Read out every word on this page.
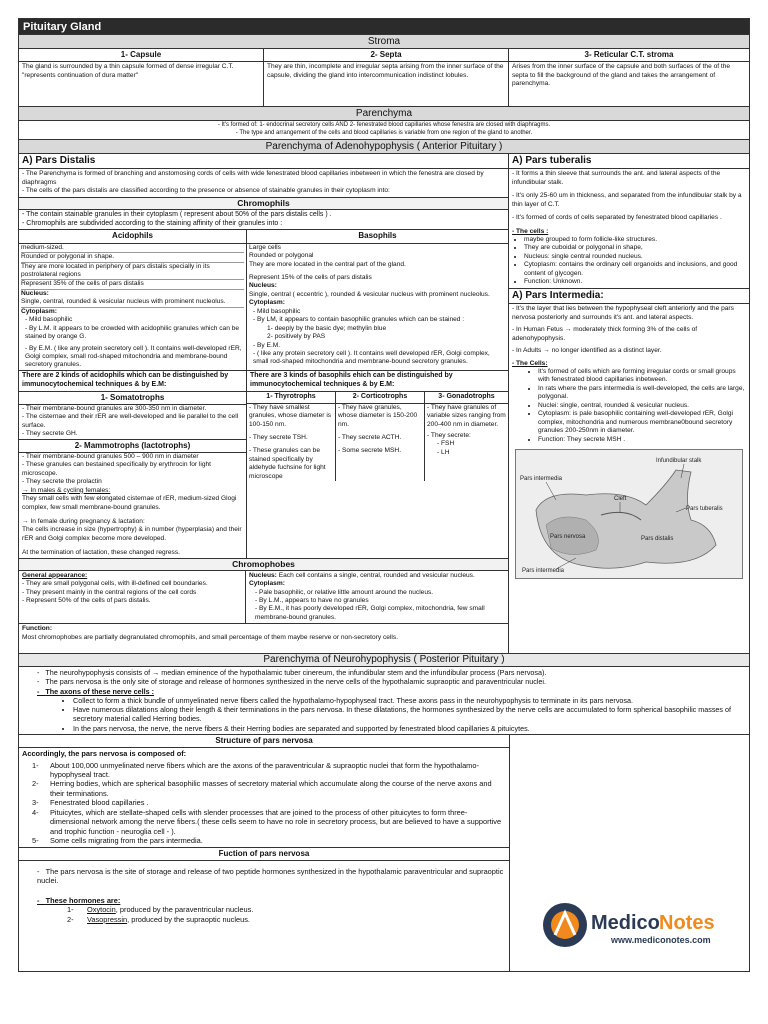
Pituitary Gland
Stroma
1- Capsule
The gland is surrounded by a thin capsule formed of dense irregular C.T. "represents continuation of dura matter"
2- Septa
They are thin, incomplete and irregular septa arising from the inner surface of the capsule, dividing the gland into intercommunication indistinct lobules.
3- Reticular C.T. stroma
Arises from the inner surface of the capsule and both surfaces of the of the septa to fill the background of the gland and takes the arrangement of parenchyma.
Parenchyma
- It's formed of: 1- endocrinal secretory cells AND 2- fenestrated blood capillaries whose fenestra are closed with diaphragms.
- The type and arrangement of the cells and blood capillaries is variable from one region of the gland to another.
Parenchyma of Adenohypophysis ( Anterior Pituitary )
A) Pars Distalis
- The Parenchyma is formed of branching and anstomosing cords of cells with wide fenestrated blood capillaries inbetween in which the fenestra are closed by diaphragms
- The cells of the pars distalis are classified according to the presence or absence of stainable granules in their cytoplasm into:
Chromophils
- The contain stainable granules in their cytoplasm ( represent about 50% of the pars distalis cells ) .
- Chromophils are subdivided according to the staining affinity of their granules into :
Acidophils
medium-sized.
Rounded or polygonal in shape.
They are more located in periphery of pars distalis specially in its postrolateral regions
Represent 35% of the cells of pars distalis
Nucleus:
Single, central, rounded & vesicular nucleus with prominent nucleolus.
Cytoplasm:
- Mild basophilic
- By L.M. it appears to be crowded with acidophilic granules which can be stained by orange G.
- By E.M. ( like any protein secretory cell ). It contains well-developed rER, Golgi complex, small rod-shaped mitochondria and membrane-bound secretory granules.
Basophils
Large cells
Rounded or polygonal
They are more located in the central part of the gland.
Represent 15% of the cells of pars distalis
Nucleus:
Single, central ( eccentric ), rounded & vesicular nucleus with prominent nucleolus.
Cytoplasm:
- Mild basophilic
- By LM, it appears to contain basophilic granules which can be stained :
1- deeply by the basic dye; methylin blue
2- positively by PAS
- By E.M.
- ( like any protein secretory cell ). It contains well developed rER, Golgi complex, small rod-shaped mitochondria and membrane-bound secretory granules.
There are 2 kinds of acidophils which can be distinguished by immunocytochemical techniques & by E.M:
1- Somatotrophs
- Their membrane-bound granules are 300-350 nm in diameter.
- The cisternae and their rER are well-developed and lie parallel to the cell surface.
- They secrete GH.
2- Mammotrophs (lactotrophs)
- Their membrane-bound granules 500 – 900 nm in diameter
- These granules can bestained specifically by erythrocin for light microscope.
- They secrete the prolactin
→ In males & cycling females:
They small cells with few elongated cisternae of rER, medium-sized Glogi complex, few small membrane-bound granules.
→ In female during pregnancy & lactation:
The cells increase in size (hypertrophy) & in number (hyperplasia) and their rER and Golgi complex become more developed.
At the termination of lactation, these changed regress.
There are 3 kinds of basophils ehich can be distinguished by immunocytochemical techniques & by E.M:
1- Thyrotrophs
- They have smallest granules, whose diameter is 100-150 nm.
- They secrete TSH.
- These granules can be stained specifically by aldehyde fuchsine for light microscope
2- Corticotrophs
- They have granules, whose diameter is 150-200 nm.
- They secrete ACTH.
- Some secrete MSH.
3- Gonadotrophs
- They have granules of variable sizes ranging from 200-400 nm in diameter.
- They secrete:
- FSH
- LH
Chromophobes
General appearance:
- They are small polygonal cells, with ill-defined cell boundaries.
- They present mainly in the central regions of the cell cords
- Represent 50% of the cells of pars distalis.
Nucleus: Each cell contains a single, central, rounded and vesicular nucleus.
Cytoplasm:
- Pale basophilic, or relative little amount around the nucleus.
- By L.M., appears to have no granules
- By E.M., it has poorly developed rER, Golgi complex, mitochondria, few small membrane-bound granules.
Function:
Most chromophobes are partially degranulated chromophils, and small percentage of them maybe reserve or non-secretory cells.
A) Pars tuberalis
- It forms a thin sleeve that surrounds the ant. and lateral aspects of the infundibular stalk.
- It's only 25-60 um in thickness, and separated from the infundibular stalk by a thin layer of C.T.
- It's formed of cords of cells separated by fenestrated blood capillaries .
- The cells :
• maybe grouped to form follicle-like structures.
• They are cuboidal or polygonal in shape,
• Nucleus: single central rounded nucleus.
• Cytoplasm: contains the ordinary cell organoids and inclusions, and good content of glycogen.
• Function: Unknown.
A) Pars Intermedia:
- It's the layer that lies between the hypophyseal cleft anteriorly and the pars nervosa posteriorly and surrounds it's ant. and lateral aspects.
- In Human Fetus → moderately thick forming 3% of the cells of adenohypophysis.
- In Adults → no longer identified as a distinct layer.
- The Cells:
• It's formed of cells which are forming irregular cords or small groups with fenestrated blood capillaries inbetween.
• In rats where the pars intermedia is well-developed, the cells are large, polygonal.
• Nuclei: single, central, rounded & vesicular nucleus.
• Cytoplasm: is pale basophilic containing well-developed rER, Golgi complex, mitochondria and numerous membrane0bound secretory granules 200-250nm in diameter.
• Function: They secrete MSH .
Infundibular stalk
Pars intermedia
Cleft
Pars tuberalis
Pars nervosa	Pars distalis
Pars intermedia
Parenchyma of Neurohypophysis ( Posterior Pituitary )
-   The neurohypophysis consists of → median eminence of the hypothalamic tuber cinereum, the infundibular stem and the infundibular process (Pars nervosa).
-   The pars nervosa is the only site of storage and release of hormones synthesized in the nerve cells of the hypothalamic supraoptic and paraventricular nuclei.
-   The axons of these nerve cells :
• Collect to form a thick bundle of unmyelinated nerve fibers called the hypothalamo-hypophyseal tract. These axons pass in the neurohypophysis to terminate in its pars nervosa.
• Have numerous dilatations along their length & their terminations in the pars nervosa. In these dilatations, the hormones synthesized by the nerve cells are accumulated to form spherical basophilic masses of secretory material called Herring bodies.
• In the pars nervosa, the nerve, the nerve fibers & their Herring bodies are separated and supported by fenestrated blood capillaries & pituicytes.
Structure of pars nervosa
Accordingly, the pars nervosa is composed of:
1-	About 100,000 unmyelinated nerve fibers which are the axons of the paraventricular & supraoptic nuclei that form the hypothalamo-hypophyseal tract.
2-	Herring bodies, which are spherical basophilic masses of secretory material which accumulate along the course of the nerve axons and their terminations.
3-	Fenestrated blood capillaries .
4-	Pituicytes, which are stellate-shaped cells with slender processes that are joined to the process of other pituicytes to form three-dimensional network among the nerve fibers.( these cells seem to have no role in secretory process, but are believed to have a supportive and trophic function - neuroglia cell - ).
5-	Some cells migrating from the pars intermedia.
Fuction of pars nervosa
-   The pars nervosa is the site of storage and release of two peptide hormones synthesized in the hypothalamic paraventricular and supraoptic nuclei.
-   These hormones are:
1- Oxytocin, produced by the paraventricular nucleus.
2- Vasopressin, produced by the supraoptic nucleus.	Medico Notes
www.mediconotes.com
